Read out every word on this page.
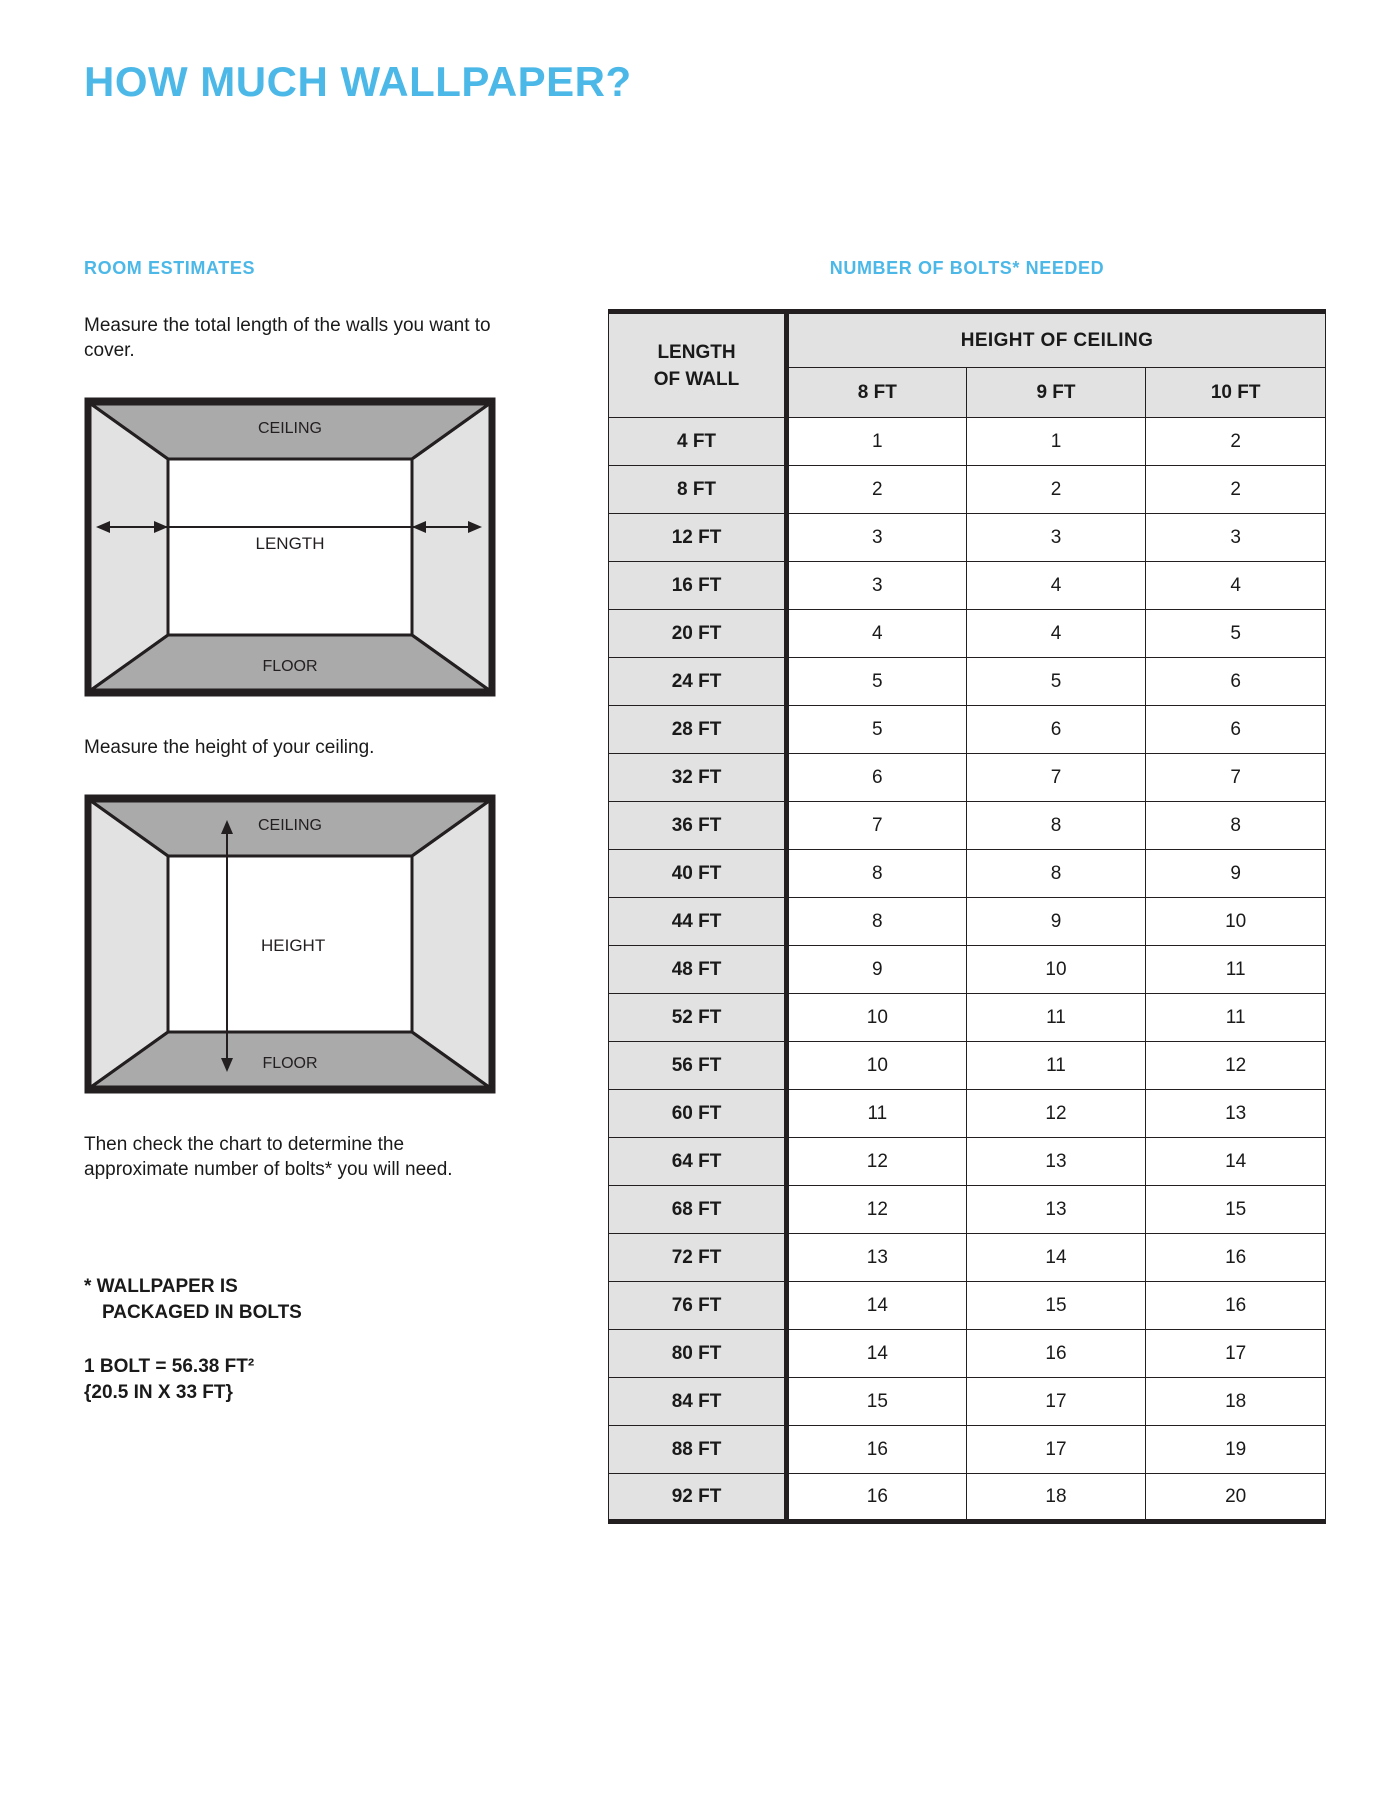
HOW MUCH WALLPAPER?
ROOM ESTIMATES

Measure the total length of the walls you want to cover.

LENGTH
CEILING
FLOOR

Measure the height of your ceiling.

HEIGHT
CEILING
FLOOR

Then check the chart to determine the approximate number of bolts* you will need.

* WALLPAPER IS

PACKAGED IN BOLTS

1 BOLT = 56.38 FT²

{20.5 IN X 33 FT}

NUMBER OF BOLTS* NEEDED
LENGTH
OF WALL	HEIGHT OF CEILING		
	8 FT	9 FT	10 FT
4 FT	1	1	2
8 FT	2	2	2
12 FT	3	3	3
16 FT	3	4	4
20 FT	4	4	5
24 FT	5	5	6
28 FT	5	6	6
32 FT	6	7	7
36 FT	7	8	8
40 FT	8	8	9
44 FT	8	9	10
48 FT	9	10	11
52 FT	10	11	11
56 FT	10	11	12
60 FT	11	12	13
64 FT	12	13	14
68 FT	12	13	15
72 FT	13	14	16
76 FT	14	15	16
80 FT	14	16	17
84 FT	15	17	18
88 FT	16	17	19
92 FT	16	18	20
